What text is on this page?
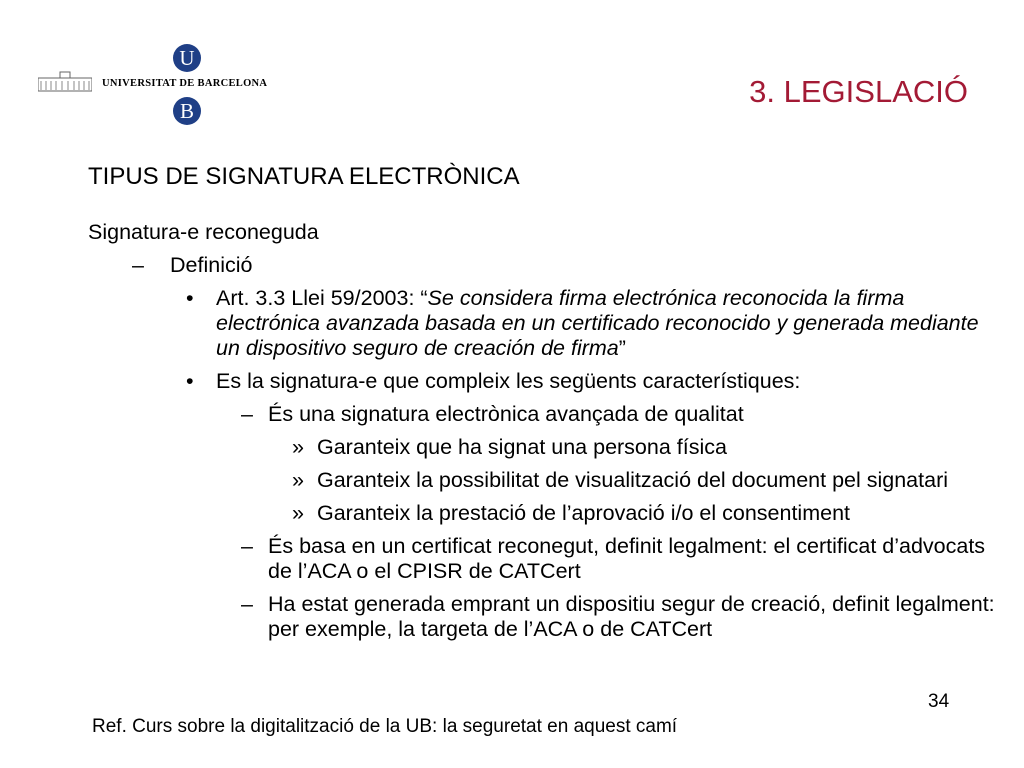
U
UNIVERSITAT DE BARCELONA
B
3. LEGISLACIÓ
TIPUS DE SIGNATURA ELECTRÒNICA
Signatura-e reconeguda
– Definició
• Art. 3.3 Llei 59/2003: “Se considera firma electrónica reconocida la firma electrónica avanzada basada en un certificado reconocido y generada mediante un dispositivo seguro de creación de firma”
• Es la signatura-e que compleix les següents característiques:
– És una signatura electrònica avançada de qualitat
» Garanteix que ha signat una persona física
» Garanteix la possibilitat de visualització del document pel signatari
» Garanteix la prestació de l’aprovació i/o el consentiment
– És basa en un certificat reconegut, definit legalment: el certificat d’advocats de l’ACA o el CPISR de CATCert
– Ha estat generada emprant un dispositiu segur de creació, definit legalment: per exemple, la targeta de l’ACA o de CATCert
34
Ref. Curs sobre la digitalització de la UB: la seguretat en aquest camí
